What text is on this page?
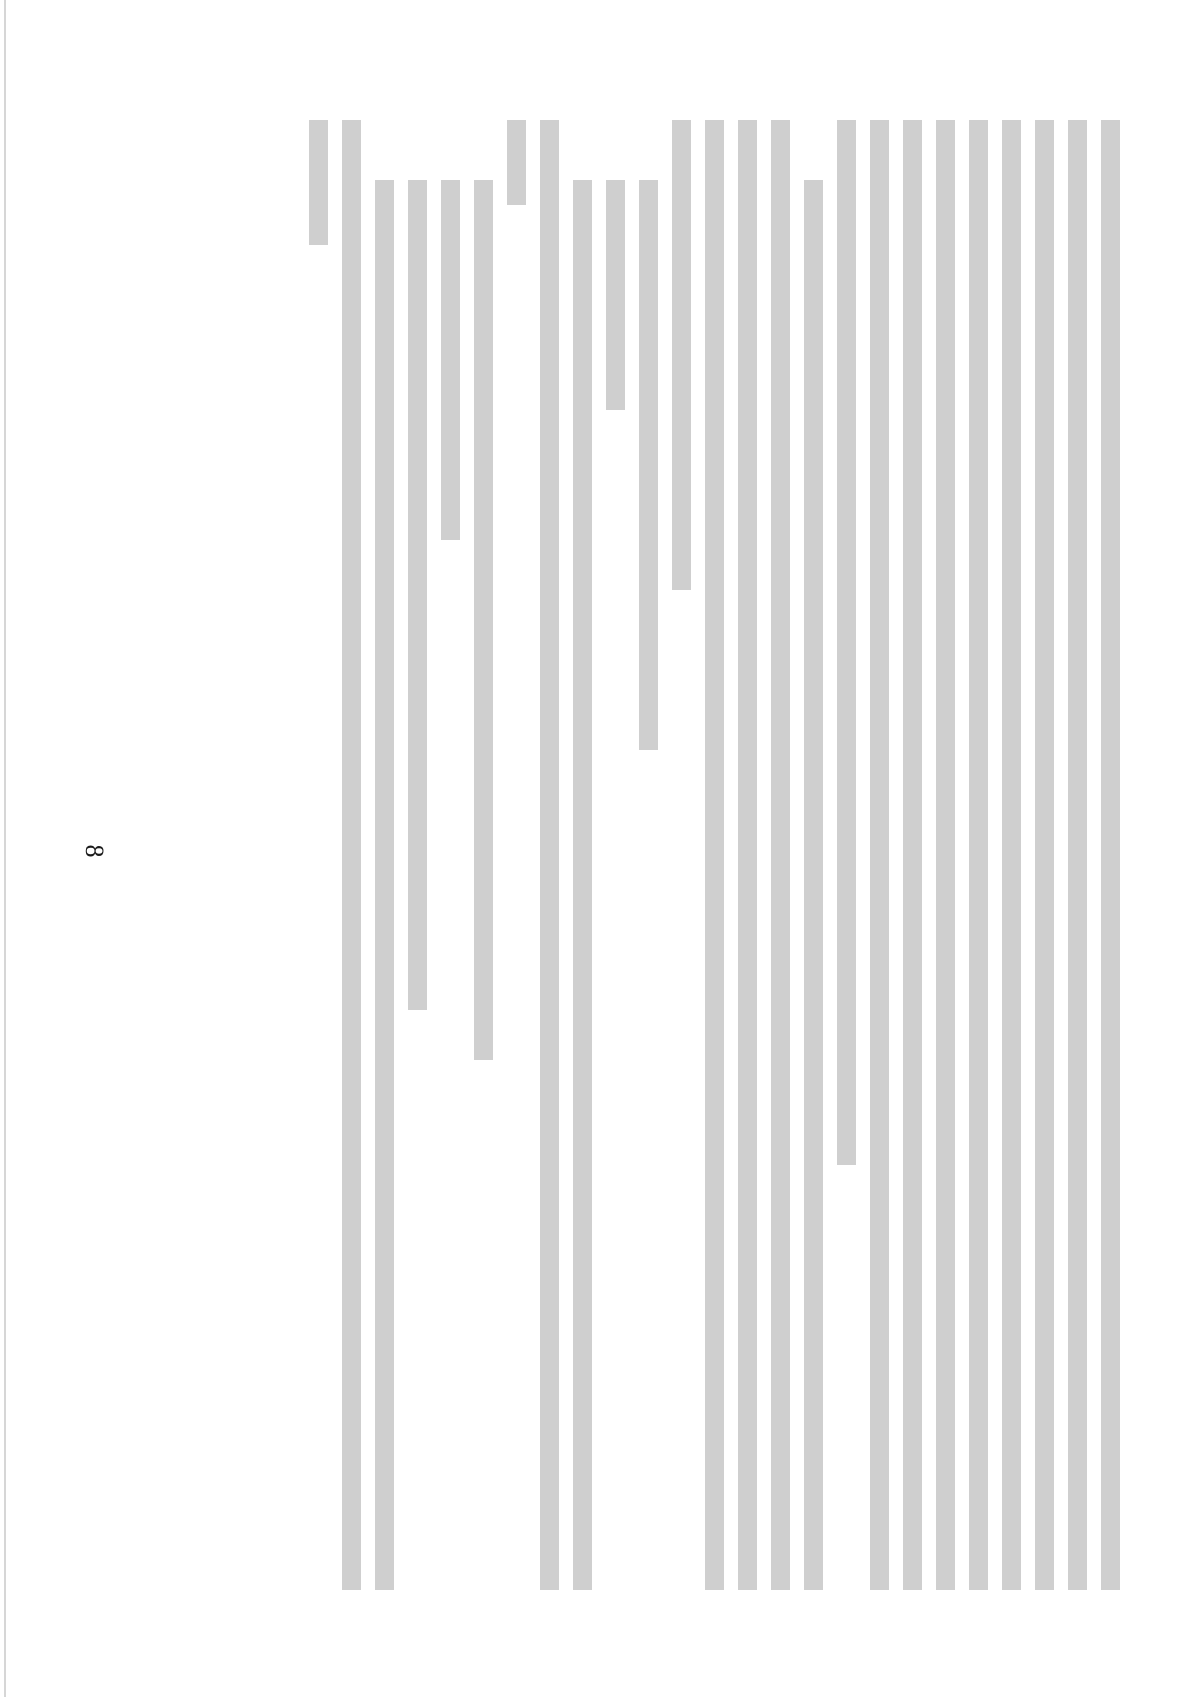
8
